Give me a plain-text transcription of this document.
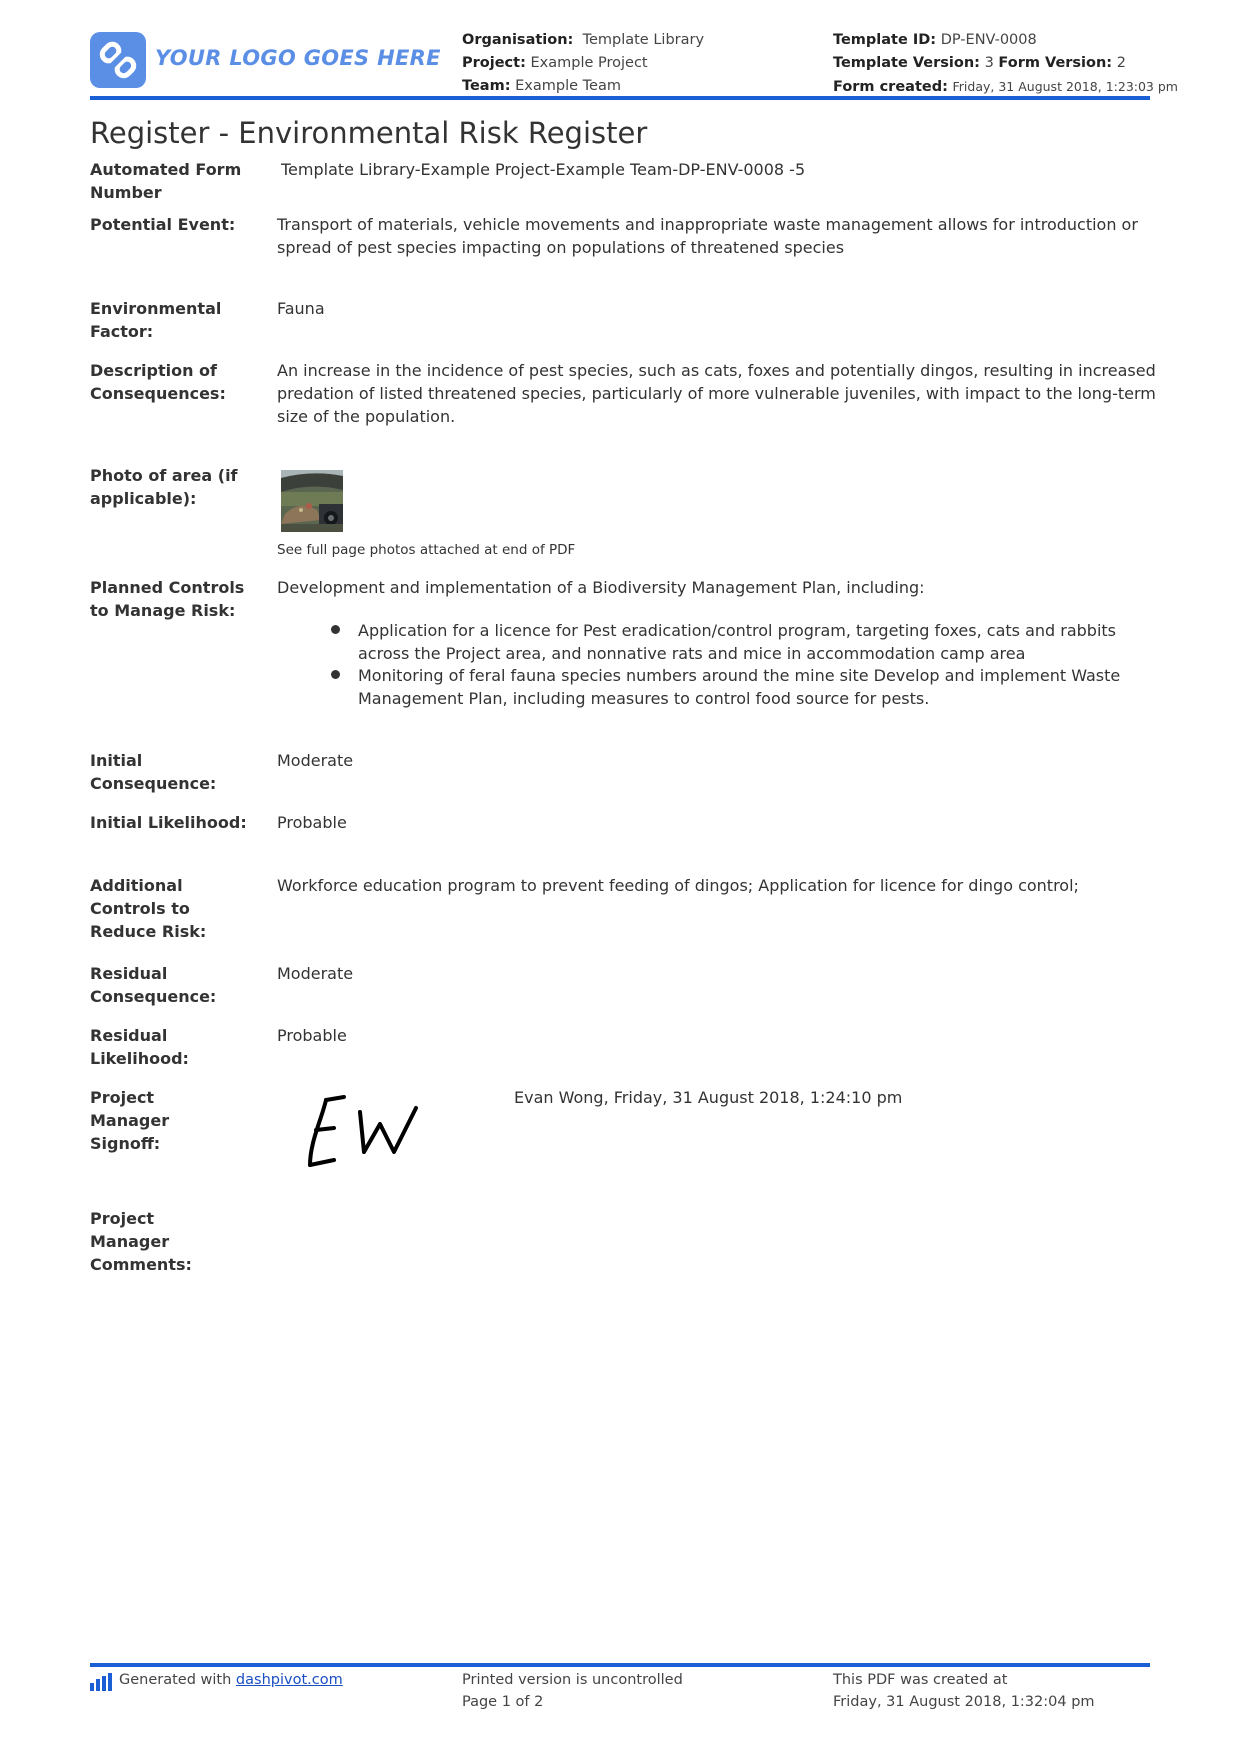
YOUR LOGO GOES HERE
Organisation: Template Library
Project: Example Project
Team: Example Team
Template ID: DP-ENV-0008
Template Version: 3 Form Version: 2
Form created: Friday, 31 August 2018, 1:23:03 pm
Register - Environmental Risk Register
Automated Form Number
Template Library-Example Project-Example Team-DP-ENV-0008 -5
Potential Event:	Transport of materials, vehicle movements and inappropriate waste management allows for introduction or spread of pest species impacting on populations of threatened species
Environmental Factor:
Fauna
Description of Consequences:
An increase in the incidence of pest species, such as cats, foxes and potentially dingos, resulting in increased predation of listed threatened species, particularly of more vulnerable juveniles, with impact to the long-term size of the population.
Photo of area (if applicable):
See full page photos attached at end of PDF
Planned Controls to Manage Risk:
Development and implementation of a Biodiversity Management Plan, including:
Application for a licence for Pest eradication/control program, targeting foxes, cats and rabbits across the Project area, and nonnative rats and mice in accommodation camp area
Monitoring of feral fauna species numbers around the mine site Develop and implement Waste Management Plan, including measures to control food source for pests.
Initial Consequence:
Moderate
Initial Likelihood: Probable
Additional Controls to Reduce Risk:
Workforce education program to prevent feeding of dingos; Application for licence for dingo control;
Residual Consequence:
Moderate
Residual Likelihood:
Probable
Project Manager Signoff:
Evan Wong, Friday, 31 August 2018, 1:24:10 pm
Project Manager Comments:
Generated with dashpivot.com	Printed version is uncontrolled
Page 1 of 2
This PDF was created at
Friday, 31 August 2018, 1:32:04 pm
